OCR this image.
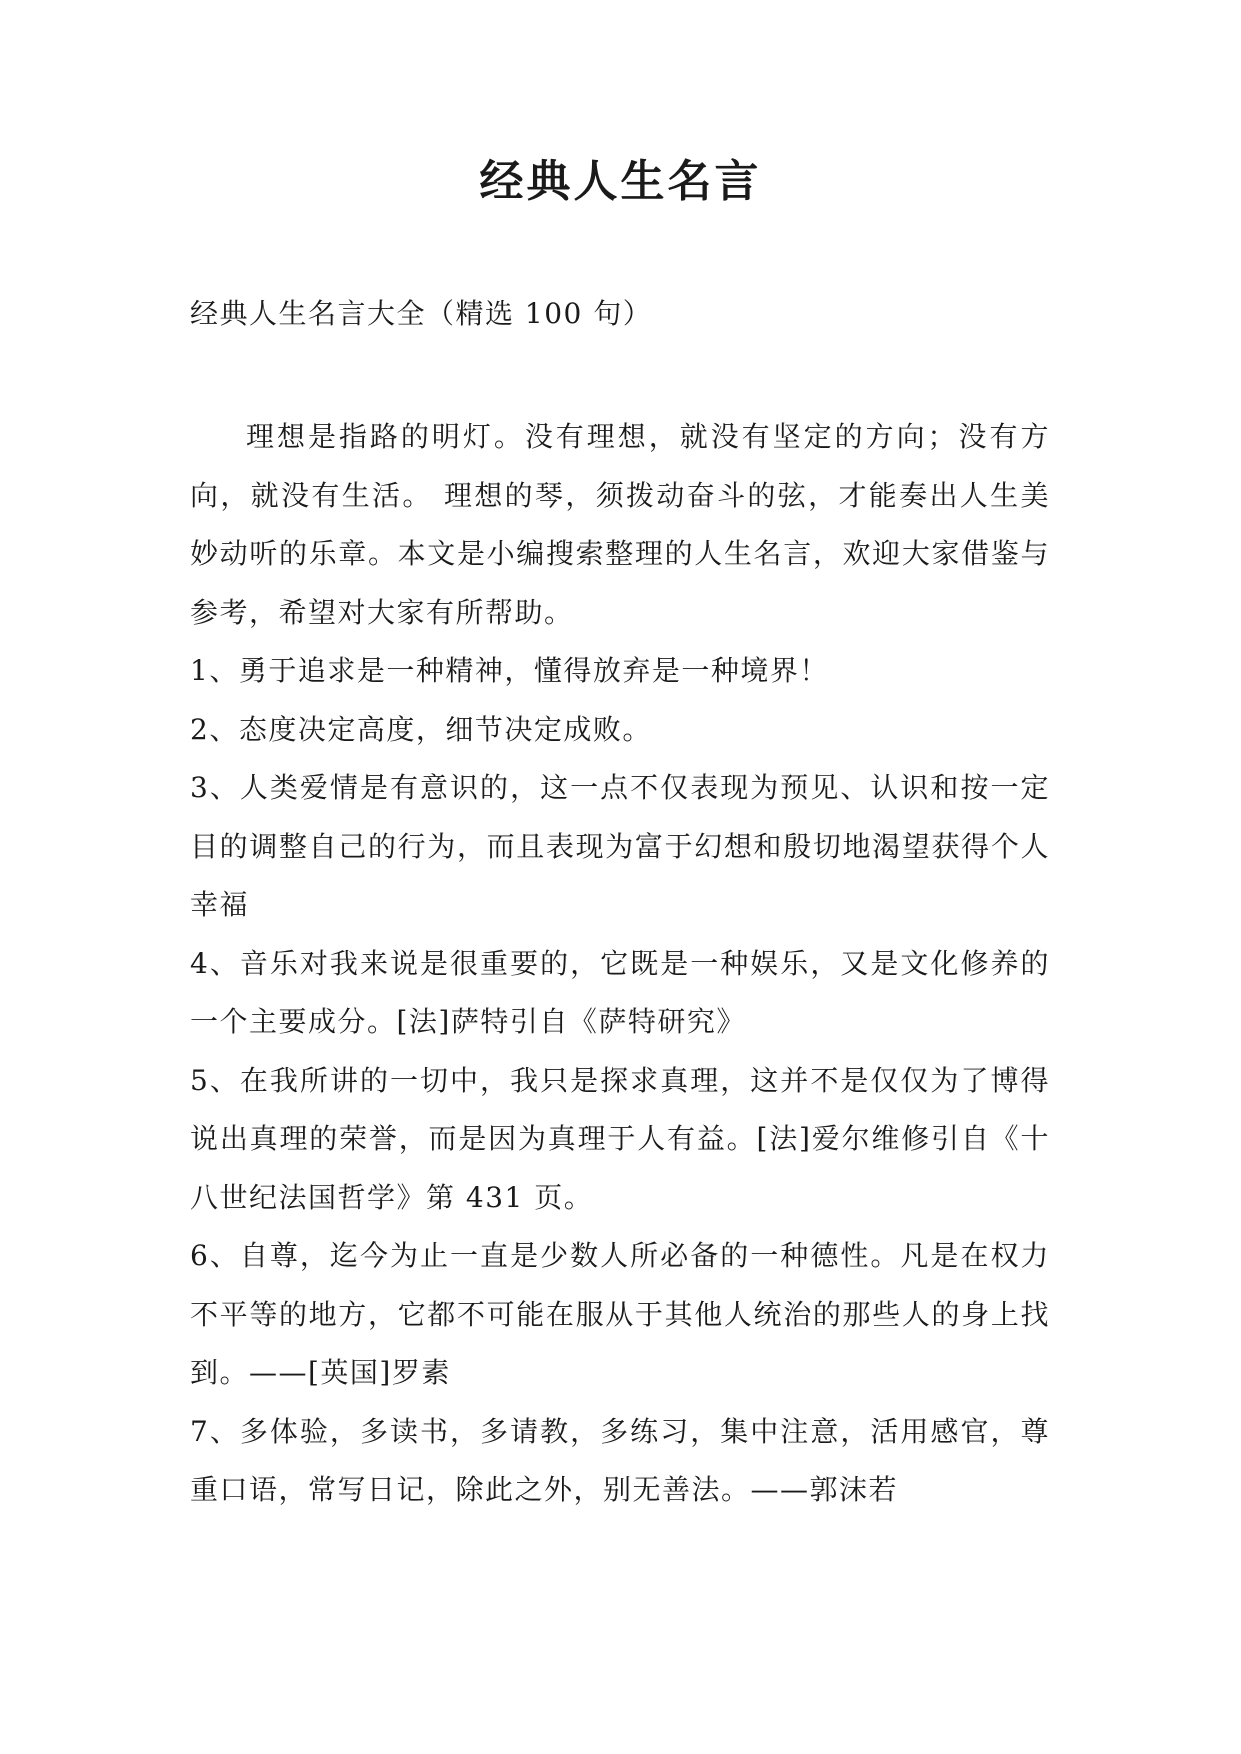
经典人生名言

经典人生名言大全（精选 100 句）

理想是指路的明灯。没有理想，就没有坚定的方向；没有方向，就没有生活。 理想的琴，须拨动奋斗的弦，才能奏出人生美妙动听的乐章。本文是小编搜索整理的人生名言，欢迎大家借鉴与参考，希望对大家有所帮助。

1、勇于追求是一种精神，懂得放弃是一种境界！
2、态度决定高度，细节决定成败。
3、人类爱情是有意识的，这一点不仅表现为预见、认识和按一定目的调整自己的行为，而且表现为富于幻想和殷切地渴望获得个人幸福
4、音乐对我来说是很重要的，它既是一种娱乐，又是文化修养的一个主要成分。[法]萨特引自《萨特研究》
5、在我所讲的一切中，我只是探求真理，这并不是仅仅为了博得说出真理的荣誉，而是因为真理于人有益。[法]爱尔维修引自《十八世纪法国哲学》第 431 页。
6、自尊，迄今为止一直是少数人所必备的一种德性。凡是在权力不平等的地方，它都不可能在服从于其他人统治的那些人的身上找到。——[英国]罗素
7、多体验，多读书，多请教，多练习，集中注意，活用感官，尊重口语，常写日记，除此之外，别无善法。——郭沫若
